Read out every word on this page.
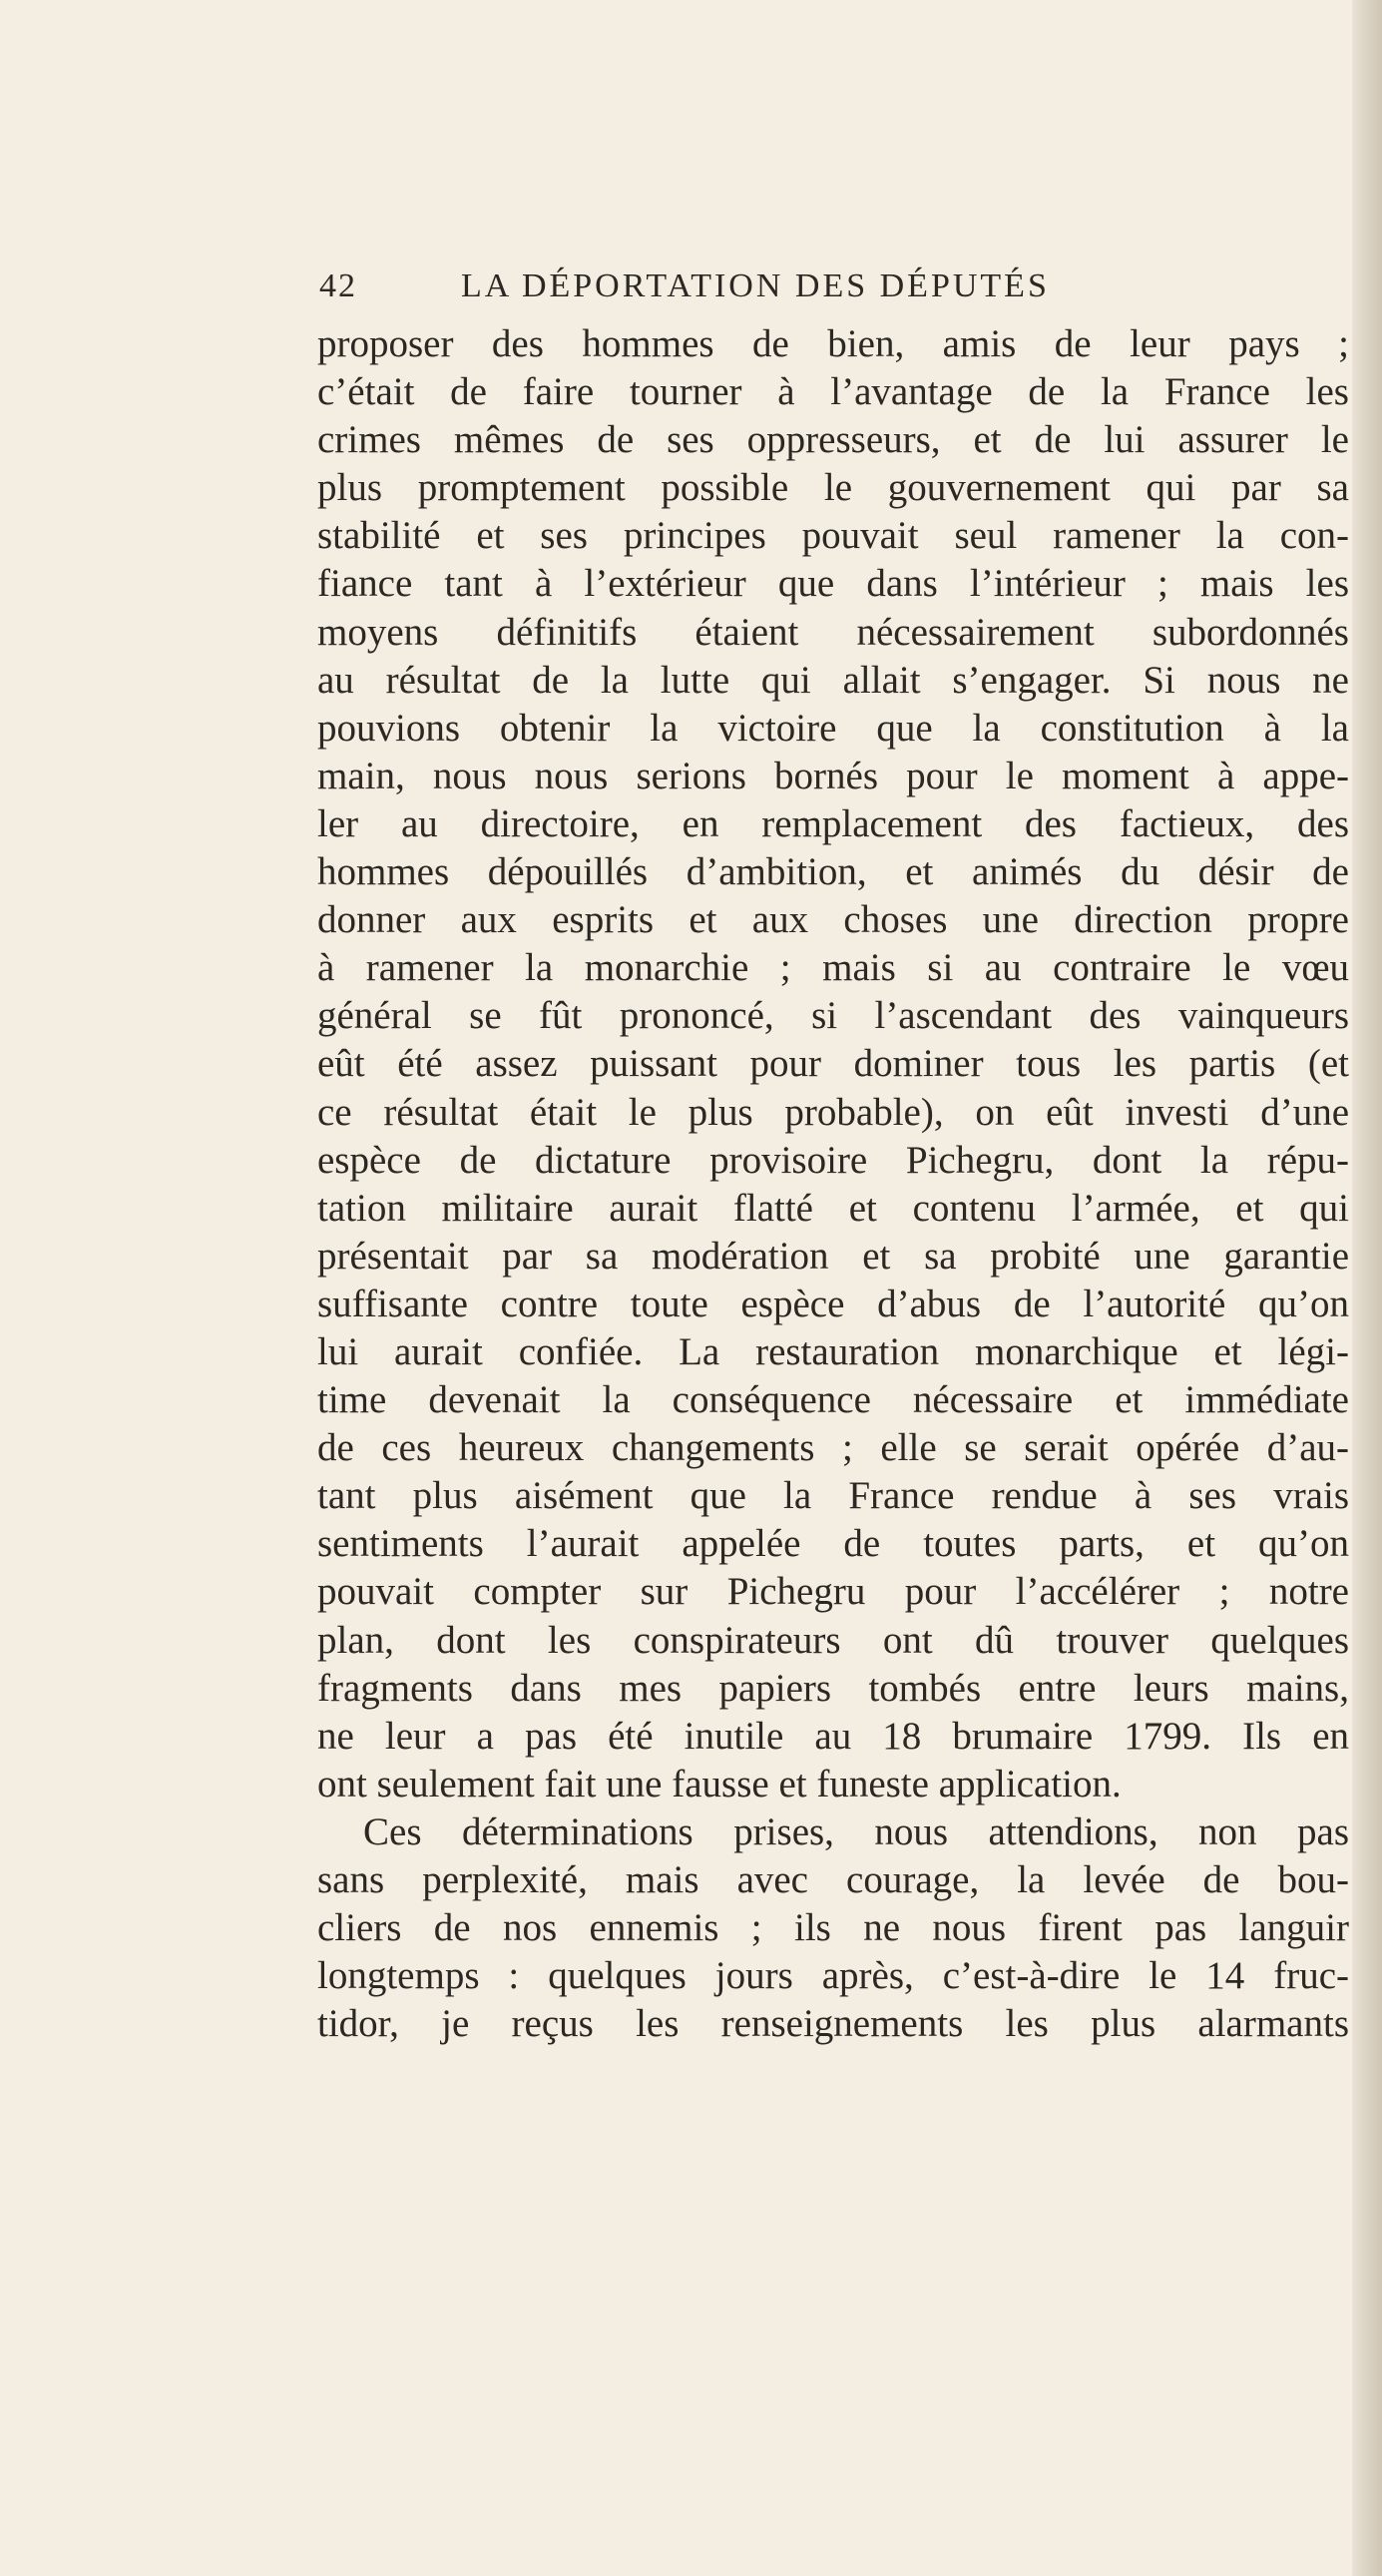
42	LA DÉPORTATION DES DÉPUTÉS
proposer des hommes de bien, amis de leur pays ;
c’était de faire tourner à l’avantage de la France les
crimes mêmes de ses oppresseurs, et de lui assurer le
plus promptement possible le gouvernement qui par sa
stabilité et ses principes pouvait seul ramener la con-
fiance tant à l’extérieur que dans l’intérieur ; mais les
moyens définitifs étaient nécessairement subordonnés
au résultat de la lutte qui allait s’engager. Si nous ne
pouvions obtenir la victoire que la constitution à la
main, nous nous serions bornés pour le moment à appe-
ler au directoire, en remplacement des factieux, des
hommes dépouillés d’ambition, et animés du désir de
donner aux esprits et aux choses une direction propre
à ramener la monarchie ; mais si au contraire le vœu
général se fût prononcé, si l’ascendant des vainqueurs
eût été assez puissant pour dominer tous les partis (et
ce résultat était le plus probable), on eût investi d’une
espèce de dictature provisoire Pichegru, dont la répu-
tation militaire aurait flatté et contenu l’armée, et qui
présentait par sa modération et sa probité une garantie
suffisante contre toute espèce d’abus de l’autorité qu’on
lui aurait confiée. La restauration monarchique et légi-
time devenait la conséquence nécessaire et immédiate
de ces heureux changements ; elle se serait opérée d’au-
tant plus aisément que la France rendue à ses vrais
sentiments l’aurait appelée de toutes parts, et qu’on
pouvait compter sur Pichegru pour l’accélérer ; notre
plan, dont les conspirateurs ont dû trouver quelques
fragments dans mes papiers tombés entre leurs mains,
ne leur a pas été inutile au 18 brumaire 1799. Ils en
ont seulement fait une fausse et funeste application.
Ces déterminations prises, nous attendions, non pas
sans perplexité, mais avec courage, la levée de bou-
cliers de nos ennemis ; ils ne nous firent pas languir
longtemps : quelques jours après, c’est-à-dire le 14 fruc-
tidor, je reçus les renseignements les plus alarmants
